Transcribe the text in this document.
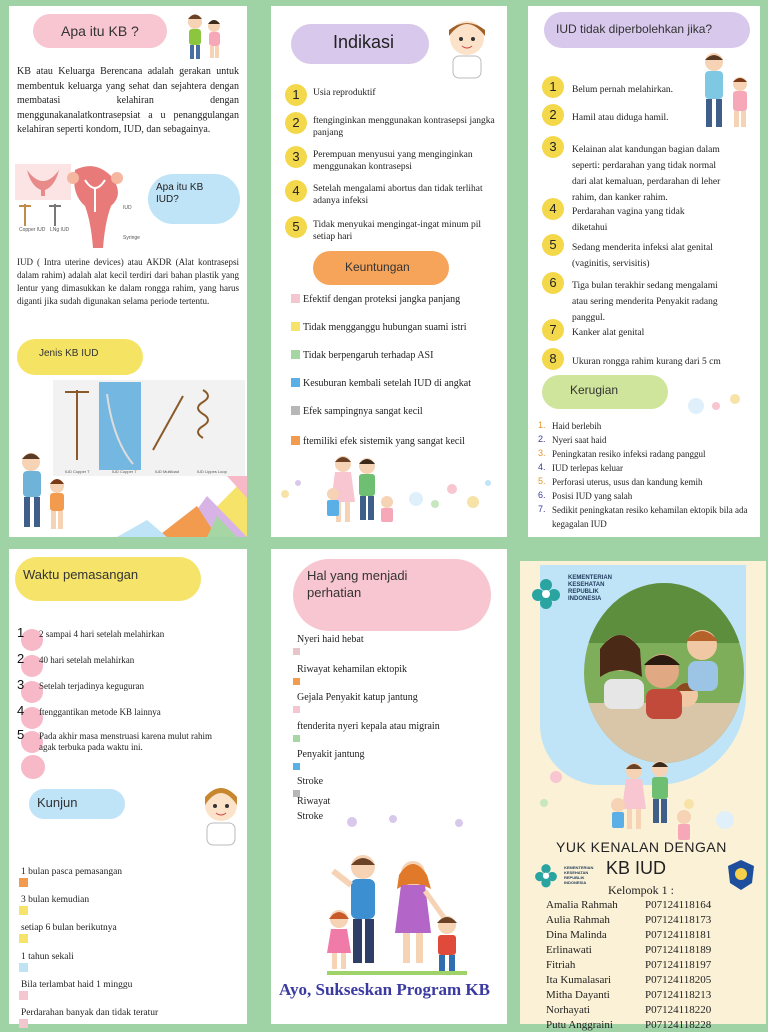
Apa itu KB ?
KB atau Keluarga Berencana adalah gerakan untuk membentuk keluarga yang sehat dan sejahtera dengan membatasi kelahiran dengan menggunakanalatkontrasepsiat a u penanggulangan kelahiran seperti kondom, IUD, dan sebagainya.
Copper IUD LNg IUD
Syringe
IUD
Apa itu KB IUD?
IUD ( Intra uterine devices) atau AKDR (Alat kontrasepsi dalam rahim) adalah alat kecil terdiri dari bahan plastik yang lentur yang dimasukkan ke dalam rongga rahim, yang harus diganti jika sudah digunakan selama periode tertentu.
Jenis KB IUD
IUD Copper T	IUD Copper 7	IUD Multiload	IUD Lippes Loop
Indikasi
Keuntungan
1	Usia reproduktif
2	ftenginginkan menggunakan kontrasepsi jangka panjang
3	Perempuan menyusui yang menginginkan menggunakan kontrasepsi
4	Setelah mengalami abortus dan tidak terlihat adanya infeksi
5	Tidak menyukai mengingat-ingat minum pil setiap hari
Efektif dengan proteksi jangka panjang
Tidak mengganggu hubungan suami istri
Tidak berpengaruh terhadap ASI
Kesuburan kembali setelah IUD di angkat
Efek sampingnya sangat kecil
ftemiliki efek sistemik yang sangat kecil
IUD tidak diperbolehkan jika?
Kerugian
1	Belum pernah melahirkan.
2	Hamil atau diduga hamil.
3	Kelainan alat kandungan bagian dalam seperti: perdarahan yang tidak normal dari alat kemaluan, perdarahan di leher rahim, dan kanker rahim.
4	Perdarahan vagina yang tidak diketahui
5	Sedang menderita infeksi alat genital (vaginitis, servisitis)
6	Tiga bulan terakhir sedang mengalami atau sering menderita Penyakit radang panggul.
7	Kanker alat genital
8	Ukuran rongga rahim kurang dari 5 cm
1. Haid berlebih
2. Nyeri saat haid
3. Peningkatan resiko infeksi radang panggul
4. IUD terlepas keluar
5. Perforasi uterus, usus dan kandung kemih
6. Posisi IUD yang salah
7. Sedikit peningkatan resiko kehamilan ektopik bila ada kegagalan IUD
Waktu pemasangan
Kunjun
1 2 sampai 4 hari setelah melahirkan
2 40 hari setelah melahirkan
3 Setelah terjadinya keguguran
4 ftenggantikan metode KB lainnya
5 Pada akhir masa menstruasi karena mulut rahim agak terbuka pada waktu ini.
1 bulan pasca pemasangan
3 bulan kemudian
setiap 6 bulan berikutnya
1 tahun sekali
Bila terlambat haid 1 minggu
Perdarahan banyak dan tidak teratur
Hal yang menjadi perhatian
Ayo, Sukseskan Program KB
Nyeri haid hebat
Riwayat kehamilan ektopik
Gejala Penyakit katup jantung
ftenderita nyeri kepala atau migrain
Penyakit jantung
Stroke
Riwayat
Stroke
KEMENTERIAN KESEHATAN REPUBLIK INDONESIA
YUK KENALAN DENGAN
KB IUD
KEMENTERIAN KESEHATAN REPUBLIK INDONESIA
Kelompok 1 :
Amalia Rahmah P07124118164
Aulia Rahmah	P07124118173
Dina Malinda	P07124118181
Erlinawati	P07124118189
Fitriah	P07124118197
Ita Kumalasari	P07124118205
Mitha Dayanti	P07124118213
Norhayati	P07124118220
Putu Anggraini	P07124118228
